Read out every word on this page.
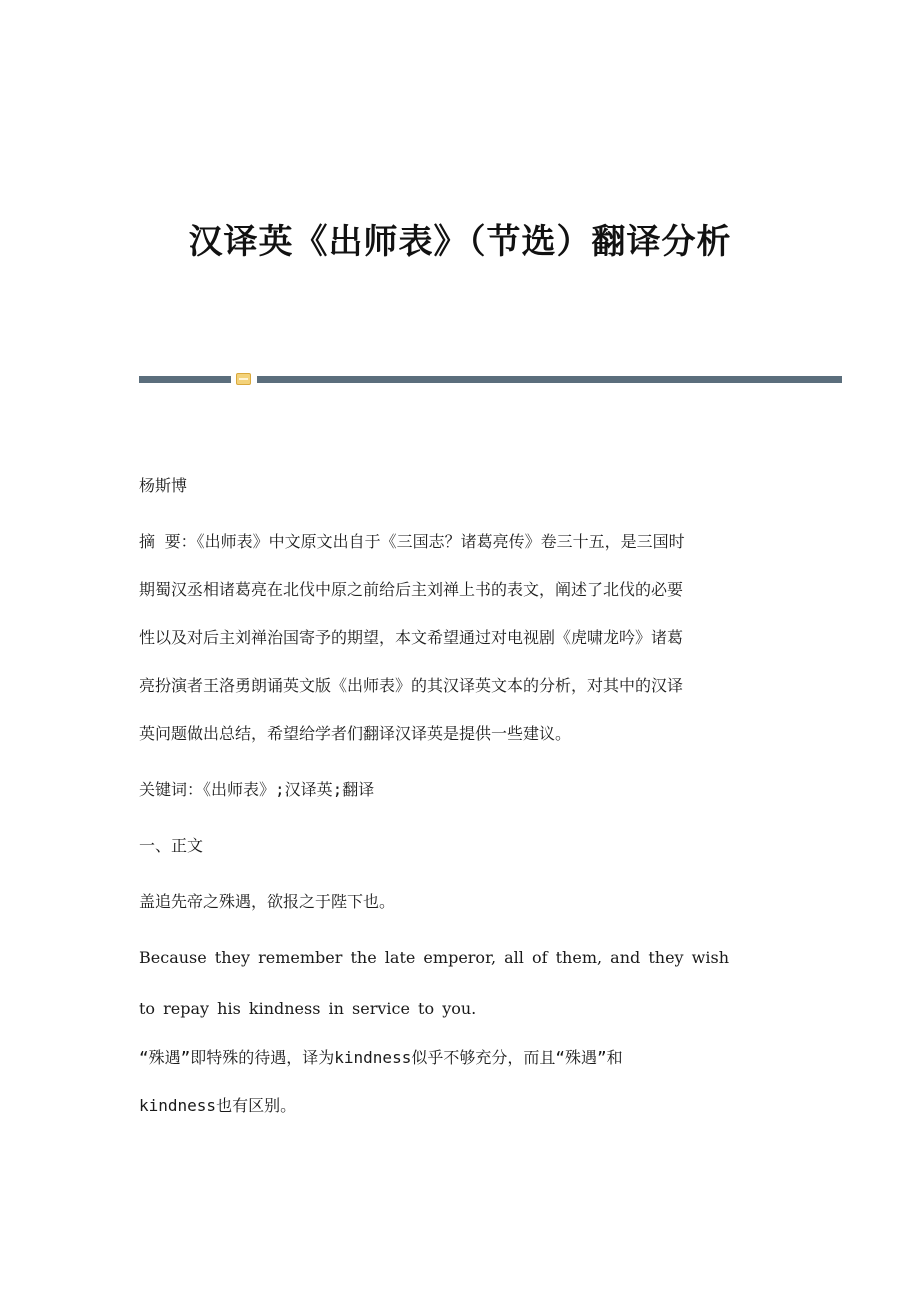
汉译英《出师表》（节选）翻译分析

杨斯博

摘 要：《出师表》中文原文出自于《三国志？诸葛亮传》卷三十五，是三国时

期蜀汉丞相诸葛亮在北伐中原之前给后主刘禅上书的表文，阐述了北伐的必要

性以及对后主刘禅治国寄予的期望，本文希望通过对电视剧《虎啸龙吟》诸葛

亮扮演者王洛勇朗诵英文版《出师表》的其汉译英文本的分析，对其中的汉译

英问题做出总结，希望给学者们翻译汉译英是提供一些建议。

关键词：《出师表》;汉译英;翻译

一、正文

盖追先帝之殊遇，欲报之于陛下也。

Because they remember the late emperor, all of them, and they wish

to repay his kindness in service to you.

“殊遇”即特殊的待遇，译为kindness似乎不够充分，而且“殊遇”和

kindness也有区别。
